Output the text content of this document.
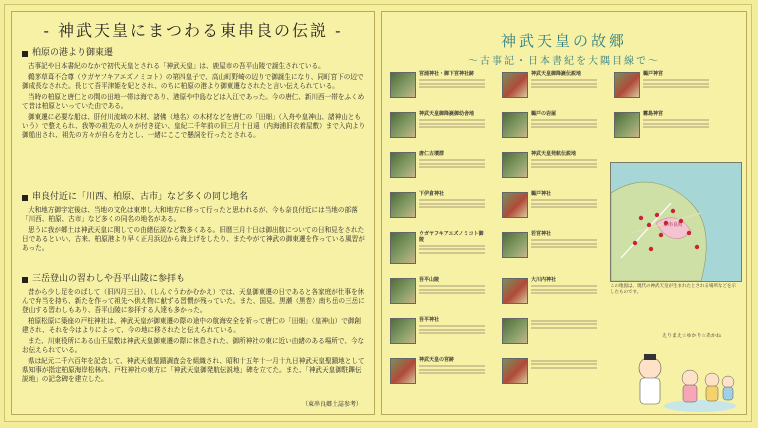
- 神武天皇にまつわる東串良の伝説 -
柏原の港より御東遷

古事記や日本書紀のなかで初代天皇とされる「神武天皇」は、鹿屋市の吾平山陵で誕生されている。

鵜茅草葺不合尊（ウガヤフキアエズノミコト）の第四皇子で、高山町野崎の辺りで御誕生になり、同町宮下の辺で御成長なされた。長じて吾平津姫を妃とされ、のちに柏原の港より御東遷なされたと言い伝えられている。

当時の柏原と唐仁との間の田地一帯は海であり、港原や中島などは入江であった。今の唐仁、新川西一帯をふくめて昔は柏原といっていた由である。

御東遷に必要な船は、肝付川流域の木材、諸佛（地名）の木材などを唐仁の「田畑」（入舟や皇神山、諸神山ともいう）で整えられ、我等の祖先の人々が付き従い、皇紀二千年前の旧三月十日遠（内海浦旧衣着屋敷）まで入向より御船出され、祖先の方々が自らを力とし、一緒にここで懸詞を行ったとされる。

串良付近に「川西、柏原、古市」など多くの同じ地名

大和地方御宇定後は、当地の文化は東串し大和地方に移って行ったと思われるが、今も奈良付近には当地の部落「川西、柏原、古市」など多くの同名の地名がある。

思うに我が郷土は神武天皇に関しての由緒伝説など数多くある。旧暦三月十日は御出航についての日和見をされた日であるといい、古来、柏原港より早く正月浜辺から海上げをしたり、またやがて神武の御東遷を作っている風習があった。

三岳登山の習わしや吾平山陵に参拝も

昔から少し足をのばして（旧四月三日）、（しんぐうわかむかえ）では、天皇御東遷の日であると各家庭が仕事を休んで弁当を持ち、新たを作って祖先へ供え物に献ずる習慣が残っていた。また、国見、黒瀬（黒巻）南ち岳の三岳に登山する習わしもあり、吾平山陵に参拝する人達も多かった。

柏原松原に築座の戸柱神社は、神武天皇が御東遷の際の途中の航海安全を祈って唐仁の「田畑」（皇神山）で御創建され、それを今はよりによって、今の地に移されたと伝えられている。

また、川東役所にある山王屋敷は神武天皇御東遷の際に休息された、御所神社の東に近い由緒のある場所で、今なお伝えられている。

県は紀元二千六百年を記念して、神武天皇聖蹟調査会を組織され、昭和十五年十一月十九日神武天皇聖蹟地として県知事が指定柏原海岸松林内、戸柱神社の東方に「神武天皇御発航伝説地」碑を立てた。また、「神武天皇御駐蹕伝説地」の記念碑を建立した。

（東串良郷土誌参考）
神武天皇の故郷
〜古事記・日本書紀を大隅目線で〜
宮浦神社・御下宮神社跡
神武天皇御降誕御幼舎地
唐仁古墳群
下伊倉神社
ウガヤフキアエズノミコト御陵
吾平山陵
吾平神社
神武天皇の宮跡
神武天皇御降誕伝説地
鵜戸の岩屋
神武天皇発航伝説地
鵜戸神社
若宮神社
大川内神社
鵜戸神宮
霧島神宮
東串良町
この地図は、現代の神武天皇が生まれたとされる場所などを示したものです。
えりまえ☆ゆかり☆あかね
